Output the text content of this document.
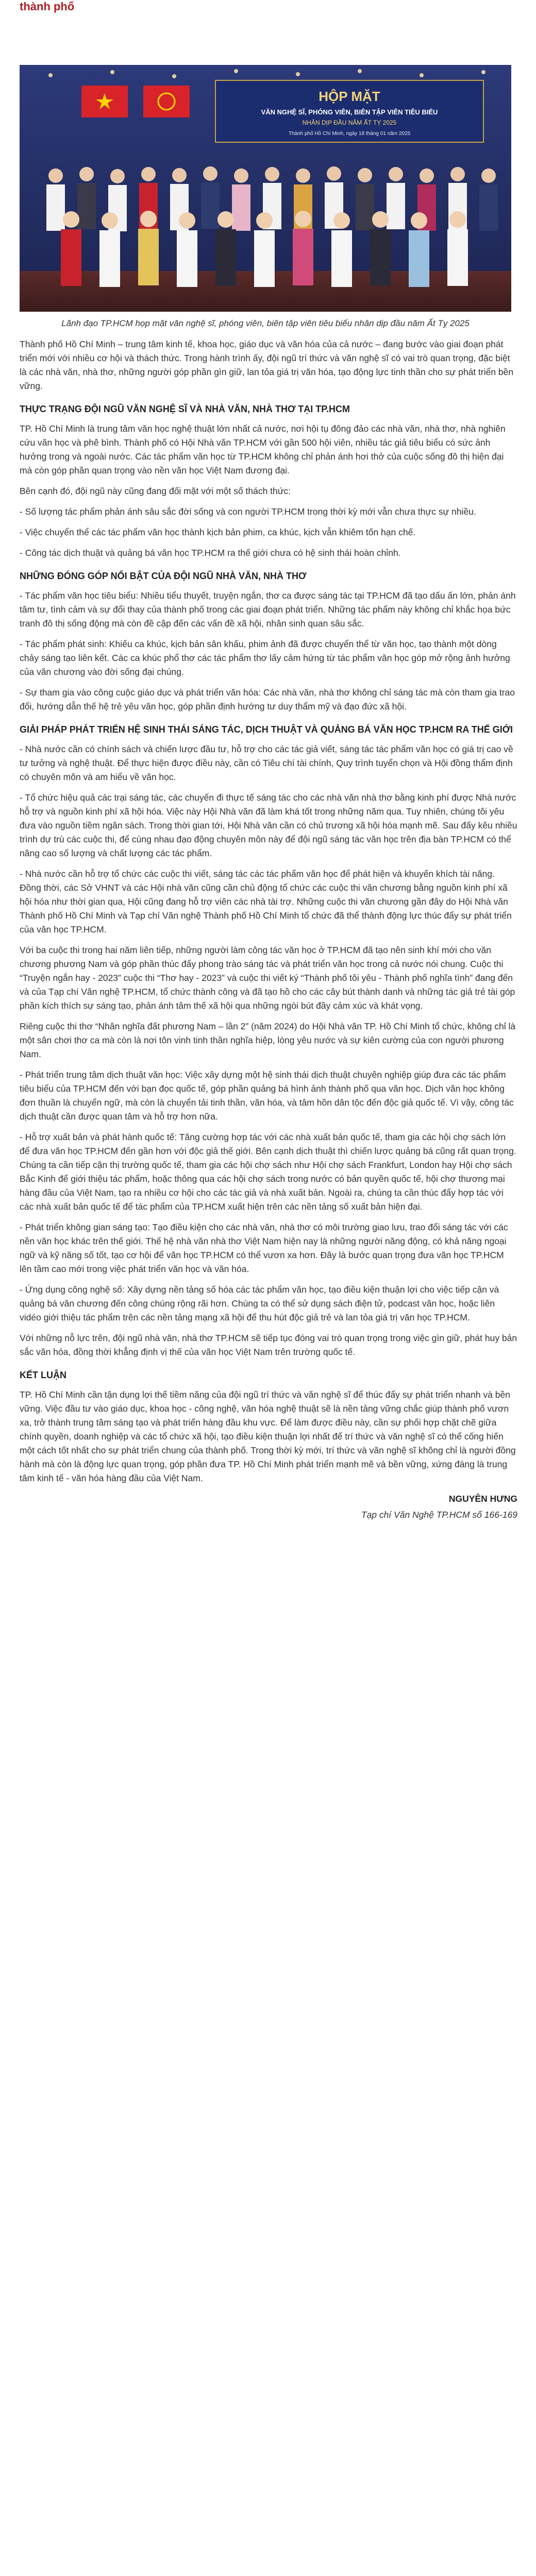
thành phố
HỘP MẶT
VĂN NGHỆ SĨ, PHÓNG VIÊN, BIÊN TẬP VIÊN TIÊU BIỂU
NHÂN DỊP ĐẦU NĂM ẤT TỴ 2025
Thành phố Hồ Chí Minh, ngày 18 tháng 01 năm 2025
Lãnh đạo TP.HCM họp mặt văn nghệ sĩ, phóng viên, biên tập viên tiêu biểu nhân dịp đầu năm Ất Tỵ 2025

Thành phố Hồ Chí Minh – trung tâm kinh tế, khoa học, giáo dục và văn hóa của cả nước – đang bước vào giai đoạn phát triển mới với nhiều cơ hội và thách thức. Trong hành trình ấy, đội ngũ trí thức và văn nghệ sĩ có vai trò quan trọng, đặc biệt là các nhà văn, nhà thơ, những người góp phần gìn giữ, lan tỏa giá trị văn hóa, tạo động lực tinh thần cho sự phát triển bền vững.

THỰC TRẠNG ĐỘI NGŨ VĂN NGHỆ SĨ VÀ NHÀ VĂN, NHÀ THƠ TẠI TP.HCM

TP. Hồ Chí Minh là trung tâm văn học nghệ thuật lớn nhất cả nước, nơi hội tụ đông đảo các nhà văn, nhà thơ, nhà nghiên cứu văn học và phê bình. Thành phố có Hội Nhà văn TP.HCM với gần 500 hội viên, nhiều tác giả tiêu biểu có sức ảnh hưởng trong và ngoài nước. Các tác phẩm văn học từ TP.HCM không chỉ phản ánh hơi thở của cuộc sống đô thị hiện đại mà còn góp phần quan trọng vào nền văn học Việt Nam đương đại.

Bên cạnh đó, đội ngũ này cũng đang đối mặt với một số thách thức:

- Số lượng tác phẩm phản ánh sâu sắc đời sống và con người TP.HCM trong thời kỳ mới vẫn chưa thực sự nhiều.

- Việc chuyển thể các tác phẩm văn học thành kịch bản phim, ca khúc, kịch vẫn khiêm tốn hạn chế.

- Công tác dịch thuật và quảng bá văn học TP.HCM ra thế giới chưa có hệ sinh thái hoàn chỉnh.

NHỮNG ĐÓNG GÓP NỔI BẬT CỦA ĐỘI NGŨ NHÀ VĂN, NHÀ THƠ

- Tác phẩm văn học tiêu biểu: Nhiều tiểu thuyết, truyện ngắn, thơ ca được sáng tác tại TP.HCM đã tạo dấu ấn lớn, phản ánh tâm tư, tình cảm và sự đổi thay của thành phố trong các giai đoạn phát triển. Những tác phẩm này không chỉ khắc họa bức tranh đô thị sống động mà còn đề cập đến các vấn đề xã hội, nhân sinh quan sâu sắc.

- Tác phẩm phát sinh: Khiếu ca khúc, kịch bản sân khấu, phim ảnh đã được chuyển thể từ văn học, tạo thành một dòng chảy sáng tạo liên kết. Các ca khúc phổ thơ các tác phẩm thơ lấy cảm hứng từ tác phẩm văn học góp mở rộng ảnh hưởng của văn chương vào đời sống đại chúng.

- Sự tham gia vào công cuộc giáo dục và phát triển văn hóa: Các nhà văn, nhà thơ không chỉ sáng tác mà còn tham gia trao đổi, hướng dẫn thế hệ trẻ yêu văn học, góp phần định hướng tư duy thẩm mỹ và đạo đức xã hội.

GIẢI PHÁP PHÁT TRIỂN HỆ SINH THÁI SÁNG TÁC, DỊCH THUẬT VÀ QUẢNG BÁ VĂN HỌC TP.HCM RA THẾ GIỚI

- Nhà nước cần có chính sách và chiến lược đầu tư, hỗ trợ cho các tác giả viết, sáng tác tác phẩm văn học có giá trị cao về tư tưởng và nghệ thuật. Để thực hiện được điều này, cần có Tiêu chí tài chính, Quy trình tuyển chọn và Hội đồng thẩm định có chuyên môn và am hiểu về văn học.

- Tổ chức hiệu quả các trại sáng tác, các chuyến đi thực tế sáng tác cho các nhà văn nhà thơ bằng kinh phí được Nhà nước hỗ trợ và nguồn kinh phí xã hội hóa. Việc này Hội Nhà văn đã làm khá tốt trong những năm qua. Tuy nhiên, chúng tôi yêu đưa vào nguồn tiềm ngân sách. Trong thời gian tới, Hội Nhà văn cần có chủ trương xã hội hóa mạnh mẽ. Sau đấy kêu nhiều trình dự trù các cuộc thi, để cùng nhau đạo động chuyên môn này để đội ngũ sáng tác văn học trên địa bàn TP.HCM có thể nâng cao số lượng và chất lượng các tác phẩm.

- Nhà nước cần hỗ trợ tổ chức các cuộc thi viết, sáng tác các tác phẩm văn học để phát hiện và khuyến khích tài năng. Đồng thời, các Sở VHNT và các Hội nhà văn cũng cần chủ động tổ chức các cuộc thi văn chương bằng nguồn kinh phí xã hội hóa như thời gian qua, Hội cũng đang hỗ trợ viên các nhà tài trợ. Những cuộc thi văn chương gần đây do Hội Nhà văn Thành phố Hồ Chí Minh và Tạp chí Văn nghệ Thành phố Hồ Chí Minh tổ chức đã thể thành động lực thúc đẩy sự phát triển của văn học TP.HCM.

Với ba cuộc thi trong hai năm liên tiếp, những người làm công tác văn học ở TP.HCM đã tạo nên sinh khí mới cho văn chương phương Nam và góp phần thúc đẩy phong trào sáng tác và phát triển văn học trong cả nước nói chung. Cuộc thi “Truyện ngắn hay - 2023” cuộc thi “Thơ hay - 2023” và cuộc thi viết ký “Thành phố tôi yêu - Thành phố nghĩa tình” đang đến và của Tạp chí Văn nghệ TP.HCM, tổ chức thành công và đã tạo hồ cho các cây bút thành danh và những tác giả trẻ tài góp phần kích thích sự sáng tạo, phản ánh tâm thế xã hội qua những ngòi bút đầy cảm xúc và khát vọng.

Riêng cuộc thi thơ “Nhân nghĩa đất phương Nam – lần 2” (năm 2024) do Hội Nhà văn TP. Hồ Chí Minh tổ chức, không chỉ là một sân chơi thơ ca mà còn là nơi tôn vinh tinh thần nghĩa hiệp, lòng yêu nước và sự kiên cường của con người phương Nam.

- Phát triển trung tâm dịch thuật văn học: Việc xây dựng một hệ sinh thái dịch thuật chuyên nghiệp giúp đưa các tác phẩm tiêu biểu của TP.HCM đến với bạn đọc quốc tế, góp phần quảng bá hình ảnh thành phố qua văn học. Dịch văn học không đơn thuần là chuyển ngữ, mà còn là chuyển tải tinh thần, văn hóa, và tâm hồn dân tộc đến độc giả quốc tế. Vì vậy, công tác dịch thuật cần được quan tâm và hỗ trợ hơn nữa.

- Hỗ trợ xuất bản và phát hành quốc tế: Tăng cường hợp tác với các nhà xuất bản quốc tế, tham gia các hội chợ sách lớn để đưa văn học TP.HCM đến gần hơn với độc giả thế giới. Bên cạnh dịch thuật thì chiến lược quảng bá cũng rất quan trọng. Chúng ta cần tiếp cận thị trường quốc tế, tham gia các hội chợ sách như Hội chợ sách Frankfurt, London hay Hội chợ sách Bắc Kinh để giới thiệu tác phẩm, hoặc thông qua các hội chợ sách trong nước có bản quyền quốc tế, hội chợ thương mại hàng đầu của Việt Nam, tạo ra nhiều cơ hội cho các tác giả và nhà xuất bản. Ngoài ra, chúng ta cần thúc đẩy hợp tác với các nhà xuất bản quốc tế để tác phẩm của TP.HCM xuất hiện trên các nền tảng số xuất bản hiện đại.

- Phát triển không gian sáng tạo: Tạo điều kiện cho các nhà văn, nhà thơ có môi trường giao lưu, trao đổi sáng tác với các nền văn học khác trên thế giới. Thế hệ nhà văn nhà thơ Việt Nam hiện nay là những người năng động, có khả năng ngoại ngữ và kỹ năng số tốt, tạo cơ hội để văn học TP.HCM có thể vươn xa hơn. Đây là bước quan trọng đưa văn học TP.HCM lên tầm cao mới trong việc phát triển văn học và văn hóa.

- Ứng dụng công nghệ số: Xây dựng nền tảng số hóa các tác phẩm văn học, tạo điều kiện thuận lợi cho việc tiếp cận và quảng bá văn chương đến công chúng rộng rãi hơn. Chúng ta có thể sử dụng sách điện tử, podcast văn học, hoặc liên vidéo giới thiệu tác phẩm trên các nền tảng mạng xã hội để thu hút độc giả trẻ và lan tỏa giá trị văn học TP.HCM.

Với những nỗ lực trên, đội ngũ nhà văn, nhà thơ TP.HCM sẽ tiếp tục đóng vai trò quan trọng trong việc gìn giữ, phát huy bản sắc văn hóa, đồng thời khẳng định vị thế của văn học Việt Nam trên trường quốc tế.

KẾT LUẬN

TP. Hồ Chí Minh cần tận dụng lợi thế tiềm năng của đội ngũ trí thức và văn nghệ sĩ để thúc đẩy sự phát triển nhanh và bền vững. Việc đầu tư vào giáo dục, khoa học - công nghệ, văn hóa nghệ thuật sẽ là nền tảng vững chắc giúp thành phố vươn xa, trở thành trung tâm sáng tạo và phát triển hàng đầu khu vực. Để làm được điều này, cần sự phối hợp chặt chẽ giữa chính quyền, doanh nghiệp và các tổ chức xã hội, tạo điều kiện thuận lợi nhất để trí thức và văn nghệ sĩ có thể cống hiến một cách tốt nhất cho sự phát triển chung của thành phố. Trong thời kỳ mới, trí thức và văn nghệ sĩ không chỉ là người đồng hành mà còn là động lực quan trọng, góp phần đưa TP. Hồ Chí Minh phát triển mạnh mẽ và bền vững, xứng đáng là trung tâm kinh tế - văn hóa hàng đầu của Việt Nam.

NGUYÊN HƯNG
Tạp chí Văn Nghệ TP.HCM số 166-169
